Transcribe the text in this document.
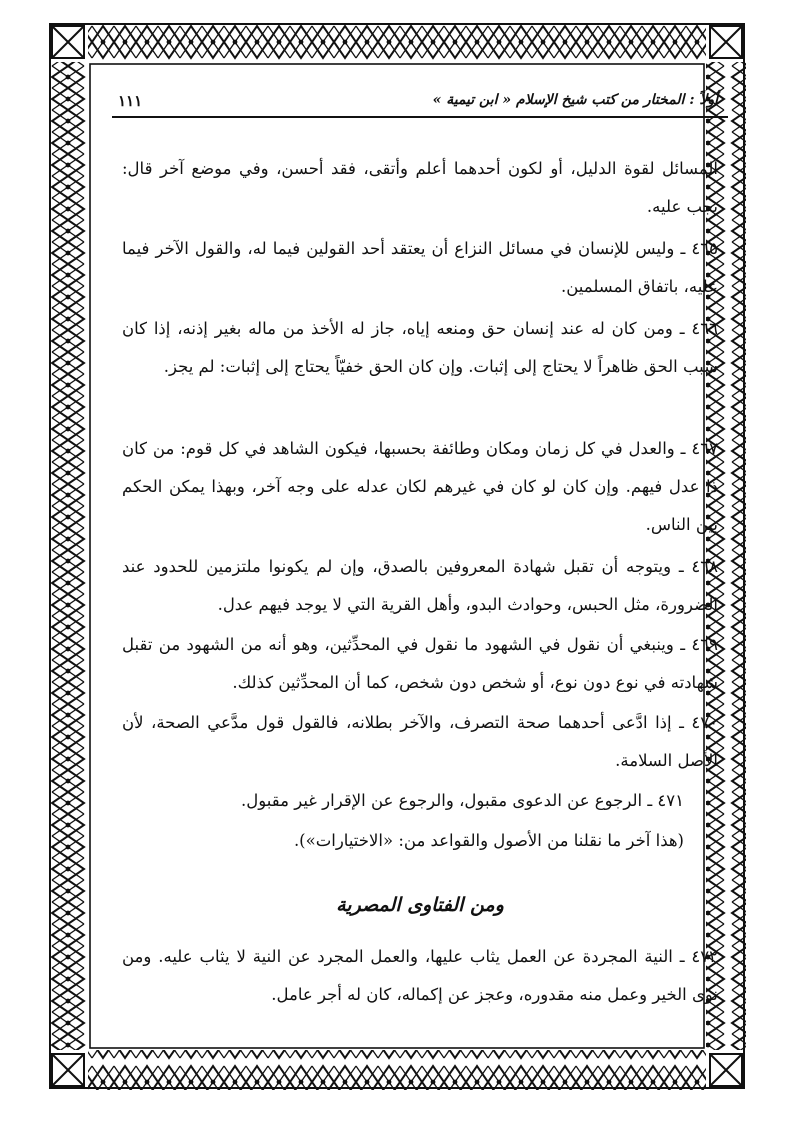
أولاً : المختار من كتب شيخ الإسلام « ابن تيمية »
١١١

المسائل لقوة الدليل، أو لكون أحدهما أعلم وأتقى، فقد أحسن، وفي موضع آخر قال: يجب عليه.

٤٦٥ ـ وليس للإنسان في مسائل النزاع أن يعتقد أحد القولين فيما له، والقول الآخر فيما عليه، باتفاق المسلمين.

٤٦٦ ـ ومن كان له عند إنسان حق ومنعه إياه، جاز له الأخذ من ماله بغير إذنه، إذا كان سبب الحق ظاهراً لا يحتاج إلى إثبات. وإن كان الحق خفيّاً يحتاج إلى إثبات: لم يجز.

٤٦٧ ـ والعدل في كل زمان ومكان وطائفة بحسبها، فيكون الشاهد في كل قوم: من كان ذا عدل فيهم. وإن كان لو كان في غيرهم لكان عدله على وجه آخر، وبهذا يمكن الحكم بين الناس.

٤٦٨ ـ ويتوجه أن تقبل شهادة المعروفين بالصدق، وإن لم يكونوا ملتزمين للحدود عند الضرورة، مثل الحبس، وحوادث البدو، وأهل القرية التي لا يوجد فيهم عدل.

٤٦٩ ـ وينبغي أن نقول في الشهود ما نقول في المحدِّثين، وهو أنه من الشهود من تقبل شهادته في نوع دون نوع، أو شخص دون شخص، كما أن المحدِّثين كذلك.

٤٧٠ ـ إذا ادَّعى أحدهما صحة التصرف، والآخر بطلانه، فالقول قول مدَّعي الصحة، لأن الأصل السلامة.

٤٧١ ـ الرجوع عن الدعوى مقبول، والرجوع عن الإقرار غير مقبول.

(هذا آخر ما نقلنا من الأصول والقواعد من: «الاختيارات»).

ومن الفتاوى المصرية

٤٧٢ ـ النية المجردة عن العمل يثاب عليها، والعمل المجرد عن النية لا يثاب عليه. ومن نوى الخير وعمل منه مقدوره، وعجز عن إكماله، كان له أجر عامل.
